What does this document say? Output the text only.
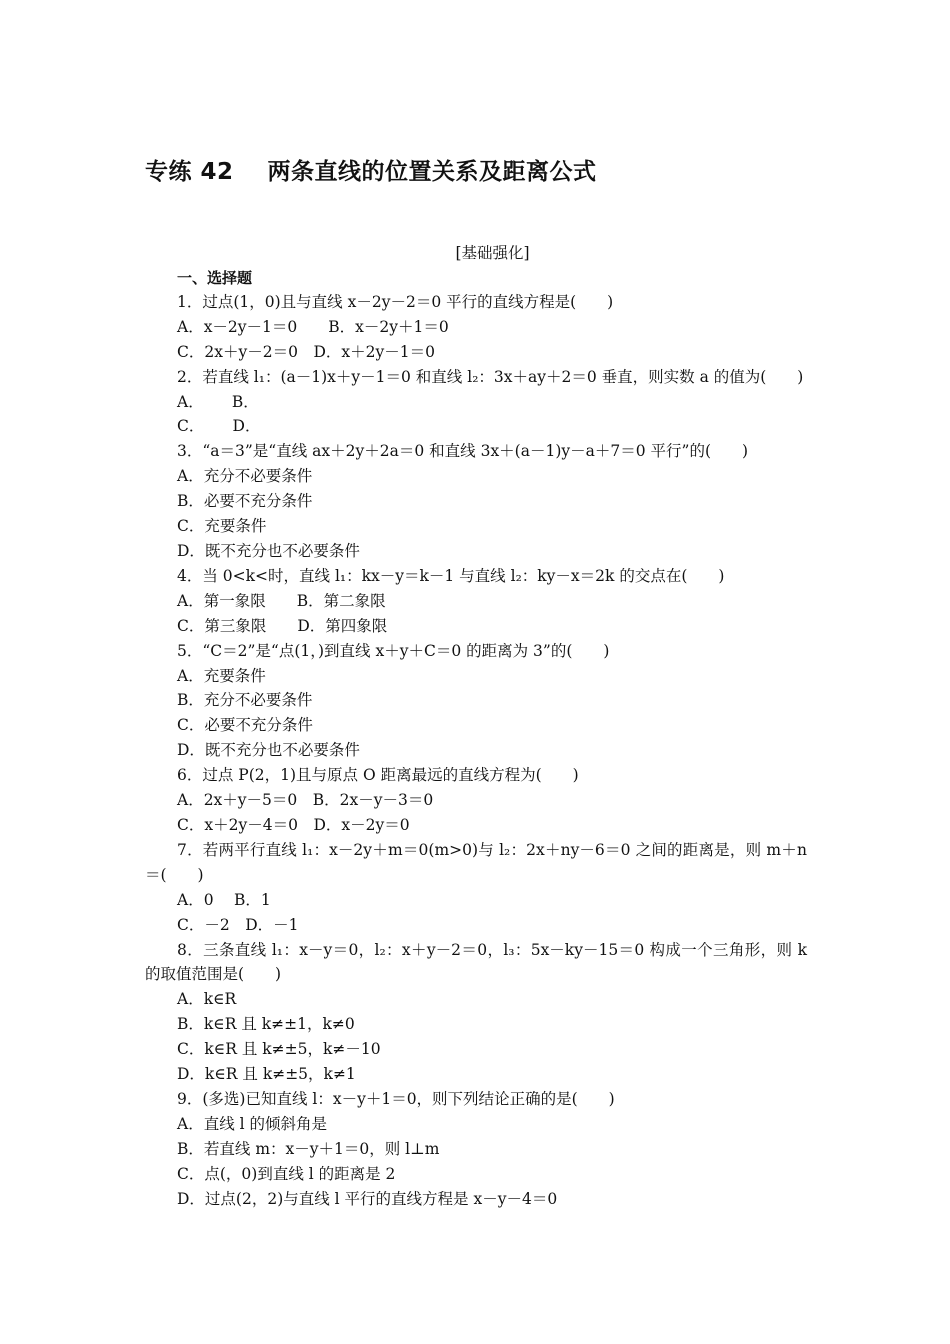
专练 42    两条直线的位置关系及距离公式
[基础强化]
一、选择题
1．过点(1，0)且与直线 x－2y－2＝0 平行的直线方程是(　　)
A．x－2y－1＝0　　B．x－2y＋1＝0
C．2x＋y－2＝0　D．x＋2y－1＝0
2．若直线 l₁：(a－1)x＋y－1＝0 和直线 l₂：3x＋ay＋2＝0 垂直，则实数 a 的值为(　　)
A．　　 B．
C．　　 D．
3．“a＝3”是“直线 ax＋2y＋2a＝0 和直线 3x＋(a－1)y－a＋7＝0 平行”的(　　)
A．充分不必要条件
B．必要不充分条件
C．充要条件
D．既不充分也不必要条件
4．当 0<k<时，直线 l₁：kx－y＝k－1 与直线 l₂：ky－x＝2k 的交点在(　　)
A．第一象限　　B．第二象限
C．第三象限　　D．第四象限
5．“C＝2”是“点(1，)到直线 x＋y＋C＝0 的距离为 3”的(　　)
A．充要条件
B．充分不必要条件
C．必要不充分条件
D．既不充分也不必要条件
6．过点 P(2，1)且与原点 O 距离最远的直线方程为(　　)
A．2x＋y－5＝0　B．2x－y－3＝0
C．x＋2y－4＝0　D．x－2y＝0
7．若两平行直线 l₁：x－2y＋m＝0(m>0)与 l₂：2x＋ny－6＝0 之间的距离是，则 m＋n
＝(　　)
A．0　 B．1
C．－2　D．－1
8．三条直线 l₁：x－y＝0，l₂：x＋y－2＝0，l₃：5x－ky－15＝0 构成一个三角形，则 k
的取值范围是(　　)
A．k∈R
B．k∈R 且 k≠±1，k≠0
C．k∈R 且 k≠±5，k≠－10
D．k∈R 且 k≠±5，k≠1
9．(多选)已知直线 l：x－y＋1＝0，则下列结论正确的是(　　)
A．直线 l 的倾斜角是
B．若直线 m：x－y＋1＝0，则 l⊥m
C．点(，0)到直线 l 的距离是 2
D．过点(2，2)与直线 l 平行的直线方程是 x－y－4＝0
